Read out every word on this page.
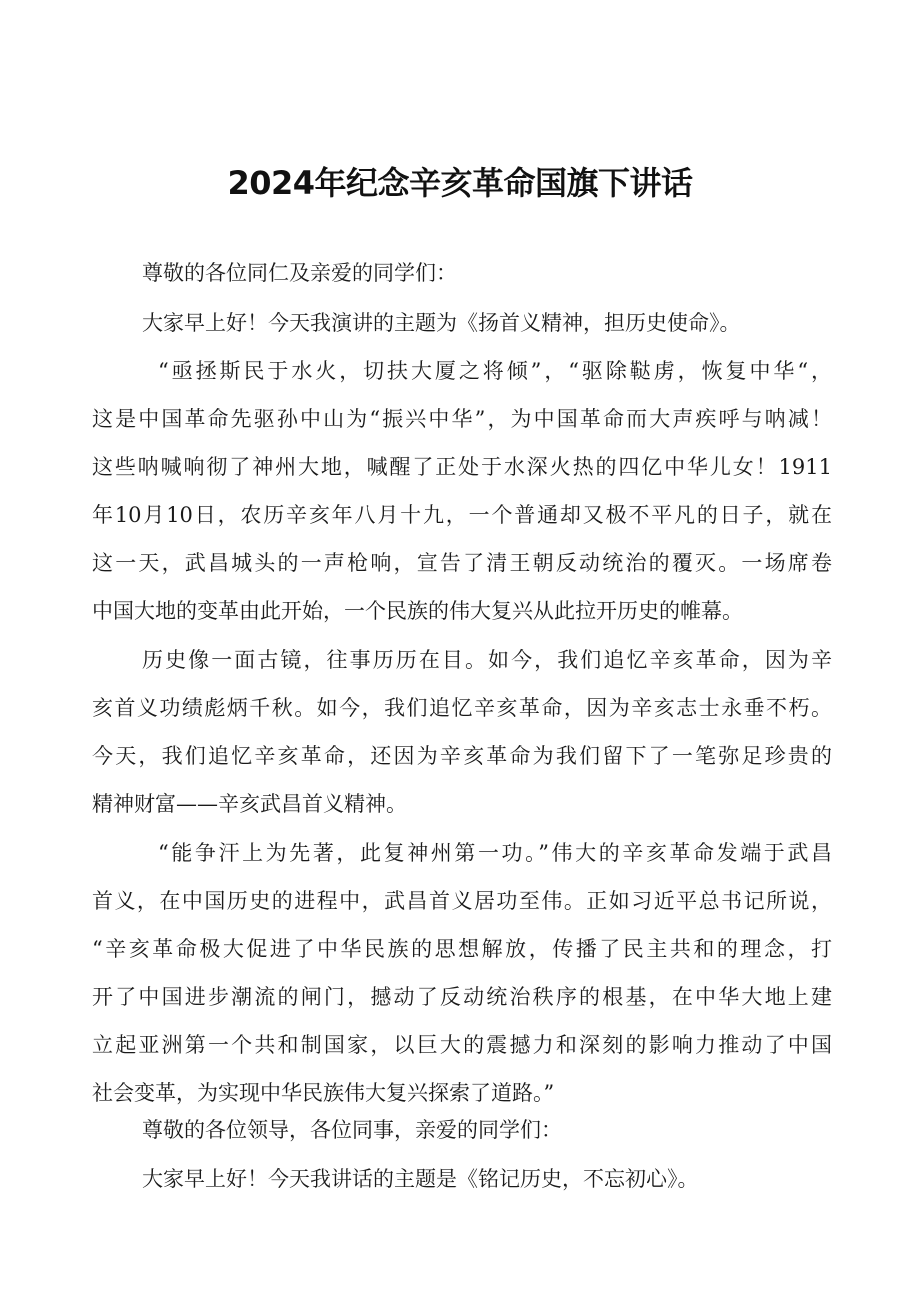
2024年纪念辛亥革命国旗下讲话

尊敬的各位同仁及亲爱的同学们：

大家早上好！今天我演讲的主题为《扬首义精神，担历史使命》。

“亟拯斯民于水火，切扶大厦之将倾”，“驱除鞑虏，恢复中华“，

这是中国革命先驱孙中山为“振兴中华”，为中国革命而大声疾呼与呐减！

这些呐喊响彻了神州大地，喊醒了正处于水深火热的四亿中华儿女！1911

年10月10日，农历辛亥年八月十九，一个普通却又极不平凡的日子，就在

这一天，武昌城头的一声枪响，宣告了清王朝反动统治的覆灭。一场席卷

中国大地的变革由此开始，一个民族的伟大复兴从此拉开历史的帷幕。

历史像一面古镜，往事历历在目。如今，我们追忆辛亥革命，因为辛

亥首义功绩彪炳千秋。如今，我们追忆辛亥革命，因为辛亥志士永垂不朽。

今天，我们追忆辛亥革命，还因为辛亥革命为我们留下了一笔弥足珍贵的

精神财富——辛亥武昌首义精神。

“能争汗上为先著，此复神州第一功。”伟大的辛亥革命发端于武昌

首义，在中国历史的进程中，武昌首义居功至伟。正如习近平总书记所说，

“辛亥革命极大促进了中华民族的思想解放，传播了民主共和的理念，打

开了中国进步潮流的闸门，撼动了反动统治秩序的根基，在中华大地上建

立起亚洲第一个共和制国家，以巨大的震撼力和深刻的影响力推动了中国

社会变革，为实现中华民族伟大复兴探索了道路。”

尊敬的各位领导，各位同事，亲爱的同学们：

大家早上好！今天我讲话的主题是《铭记历史，不忘初心》。
